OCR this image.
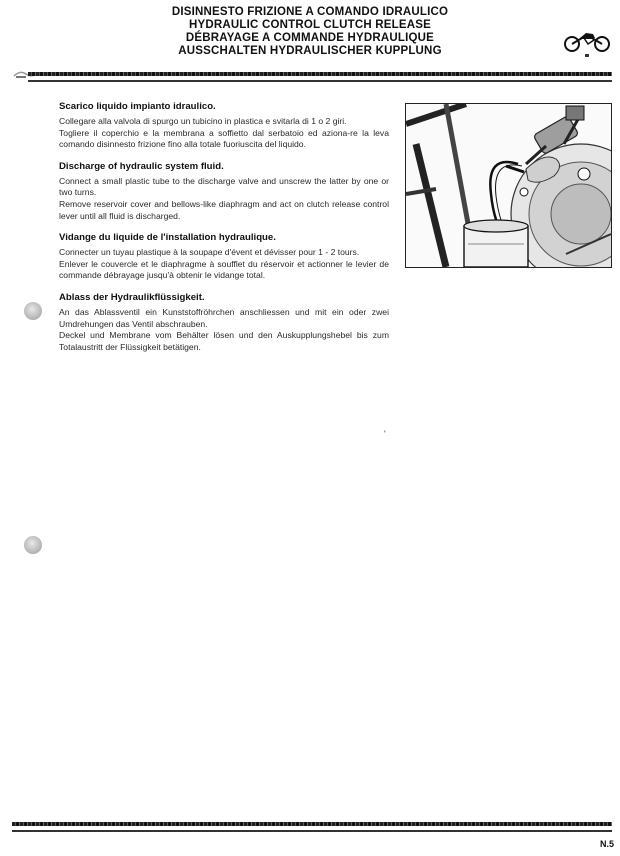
DISINNESTO FRIZIONE A COMANDO IDRAULICO
HYDRAULIC CONTROL CLUTCH RELEASE
DÉBRAYAGE A COMMANDE HYDRAULIQUE
AUSSCHALTEN HYDRAULISCHER KUPPLUNG
Scarico liquido impianto idraulico.
Collegare alla valvola di spurgo un tubicino in plastica e svitarla di 1 o 2 giri.
Togliere il coperchio e la membrana a soffietto dal serbatoio ed aziona-re la leva comando disinnesto frizione fino alla totale fuoriuscita del liquido.
Discharge of hydraulic system fluid.
Connect a small plastic tube to the discharge valve and unscrew the latter by one or two turns.
Remove reservoir cover and bellows-like diaphragm and act on clutch release control lever until all fluid is discharged.
Vidange du liquide de l'installation hydraulique.
Connecter un tuyau plastique à la soupape d'évent et dévisser pour 1 - 2 tours.
Enlever le couvercle et le diaphragme à soufflet du réservoir et actionner le levier de commande débrayage jusqu'à obtenir le vidange total.
Ablass der Hydraulikflüssigkeit.
An das Ablassventil ein Kunststoffröhrchen anschliessen und mit ein oder zwei Umdrehungen das Ventil abschrauben.
Deckel und Membrane vom Behälter lösen und den Auskupplungshebel bis zum Totalaustritt der Flüssigkeit betätigen.
'
N.5
